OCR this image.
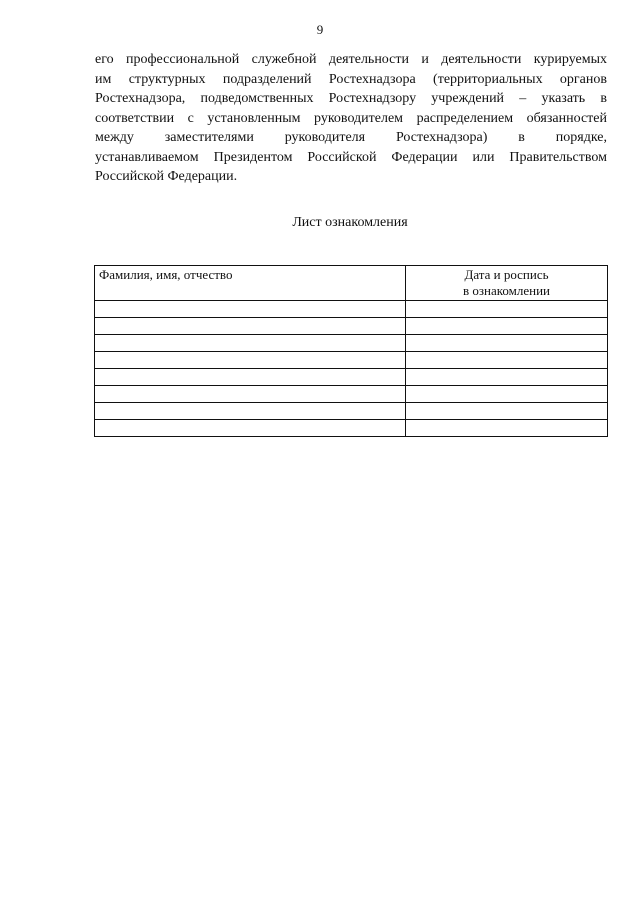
9
его профессиональной служебной деятельности и деятельности курируемых
им структурных подразделений Ростехнадзора (территориальных органов
Ростехнадзора, подведомственных Ростехнадзору учреждений – указать в
соответствии с установленным руководителем распределением обязанностей
между заместителями руководителя Ростехнадзора) в порядке,
устанавливаемом Президентом Российской Федерации или Правительством
Российской Федерации.
Лист ознакомления
Фамилия, имя, отчество	Дата и роспись
в ознакомлении
